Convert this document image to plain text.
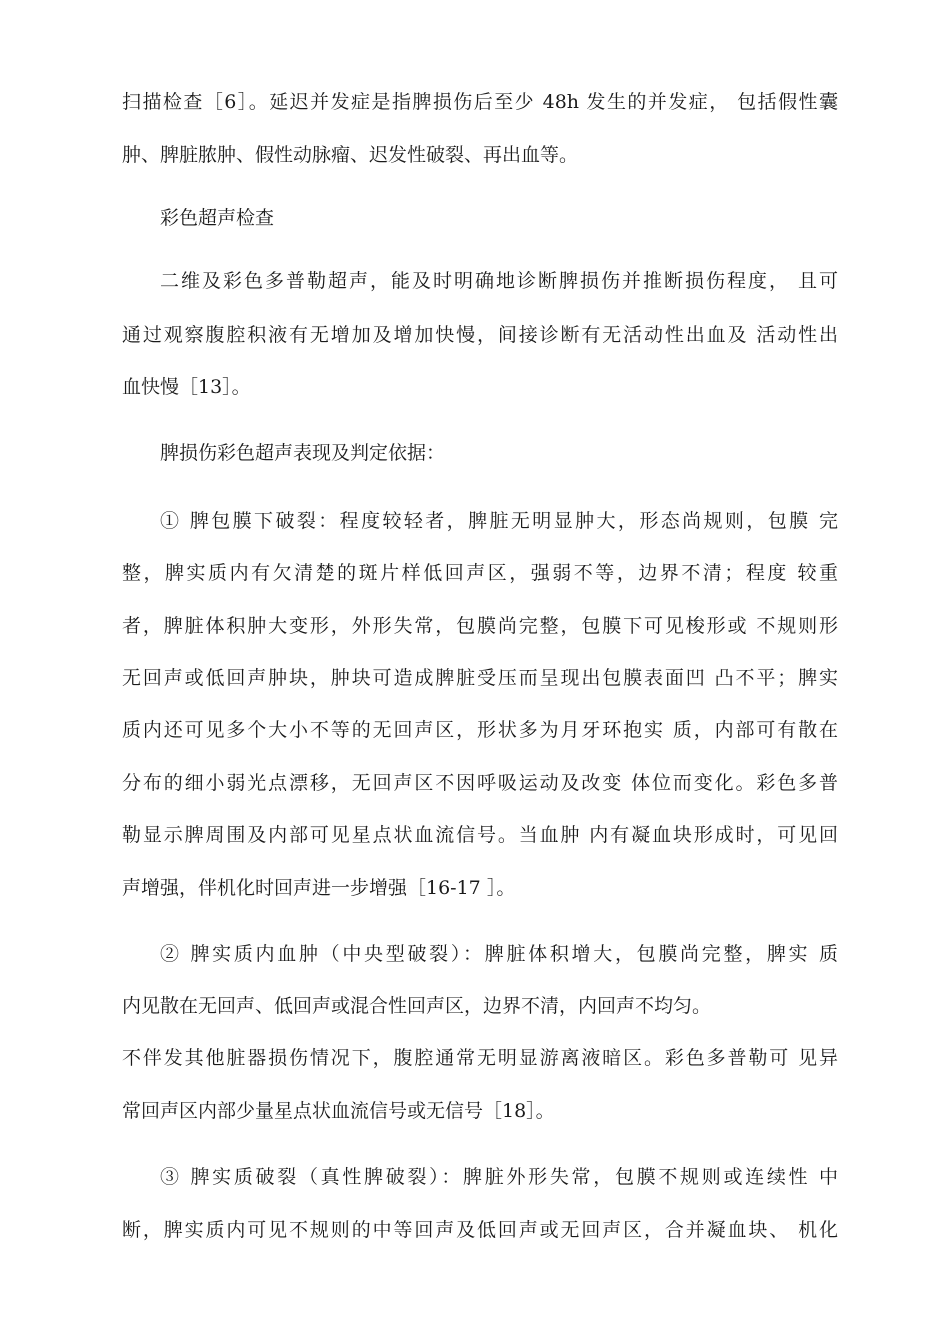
扫描检查［6］。延迟并发症是指脾损伤后至少 48h 发生的并发症， 包括假性囊
肿、脾脏脓肿、假性动脉瘤、迟发性破裂、再出血等。
彩色超声检查
二维及彩色多普勒超声，能及时明确地诊断脾损伤并推断损伤程度， 且可
通过观察腹腔积液有无增加及增加快慢，间接诊断有无活动性出血及 活动性出
血快慢［13］。
脾损伤彩色超声表现及判定依据：
① 脾包膜下破裂：程度较轻者，脾脏无明显肿大，形态尚规则，包膜 完
整，脾实质内有欠清楚的斑片样低回声区，强弱不等，边界不清；程度 较重
者，脾脏体积肿大变形，外形失常，包膜尚完整，包膜下可见梭形或 不规则形
无回声或低回声肿块，肿块可造成脾脏受压而呈现出包膜表面凹 凸不平；脾实
质内还可见多个大小不等的无回声区，形状多为月牙环抱实 质，内部可有散在
分布的细小弱光点漂移，无回声区不因呼吸运动及改变 体位而变化。彩色多普
勒显示脾周围及内部可见星点状血流信号。当血肿 内有凝血块形成时，可见回
声增强，伴机化时回声进一步增强［16-17 ］。
② 脾实质内血肿（中央型破裂）：脾脏体积增大，包膜尚完整，脾实 质
内见散在无回声、低回声或混合性回声区，边界不清，内回声不均匀。
不伴发其他脏器损伤情况下，腹腔通常无明显游离液暗区。彩色多普勒可 见异
常回声区内部少量星点状血流信号或无信号［18］。
③ 脾实质破裂（真性脾破裂）：脾脏外形失常，包膜不规则或连续性 中
断，脾实质内可见不规则的中等回声及低回声或无回声区，合并凝血块、 机化
